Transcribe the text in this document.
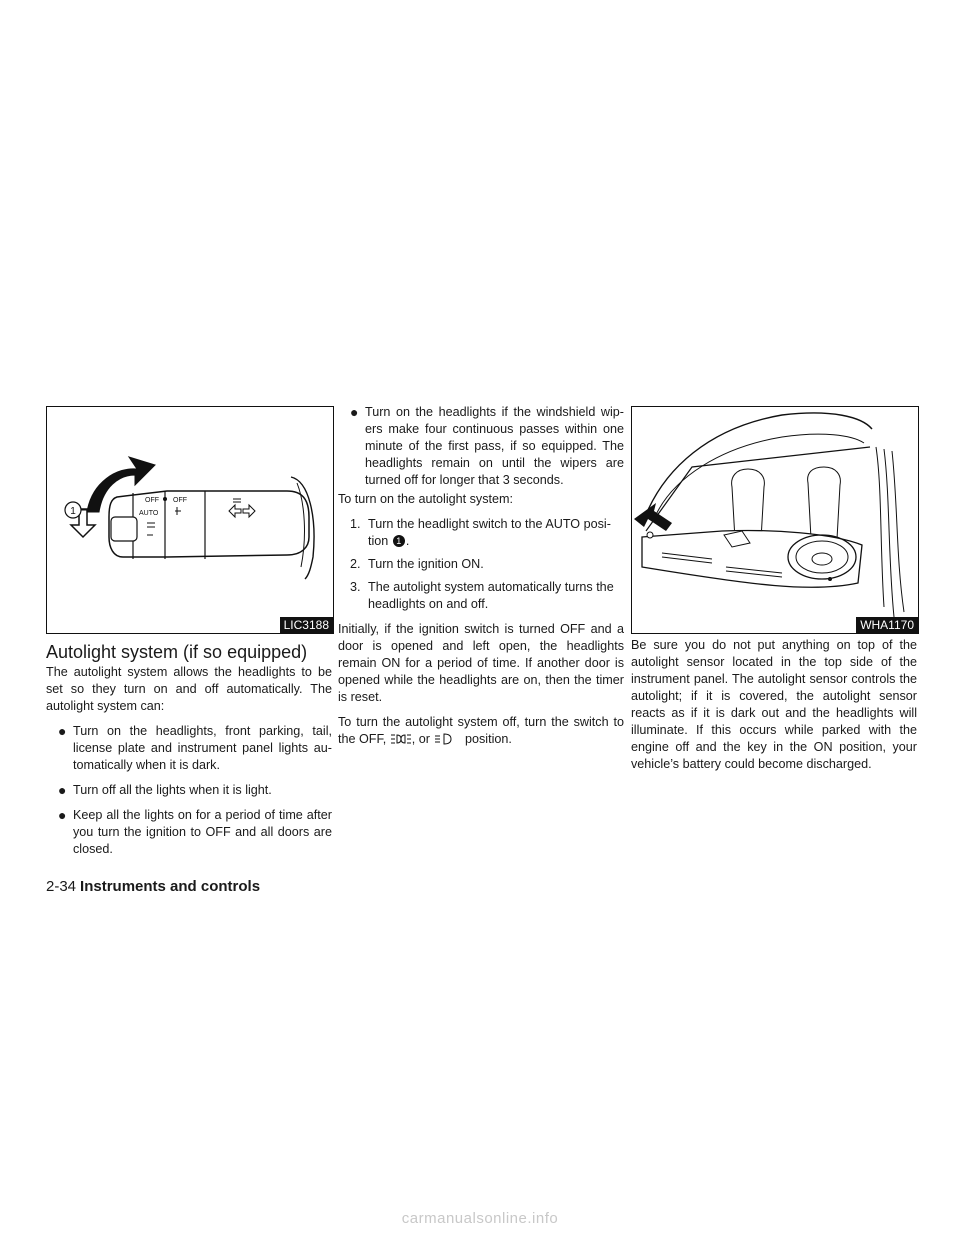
1
OFF OFF
AUTO
LIC3188	WHA1170
Autolight system (if so equipped)

The autolight system allows the headlights to be set so they turn on and off automatically. The autolight system can:

● Turn on the headlights, front parking, tail, license plate and instrument panel lights au-tomatically when it is dark.
● Turn off all the lights when it is light.
● Keep all the lights on for a period of time after you turn the ignition to OFF and all doors are closed.
● Turn on the headlights if the windshield wip-ers make four continuous passes within one minute of the first pass, if so equipped. The headlights remain on until the wipers are turned off for longer that 3 seconds.

To turn on the autolight system:

1. Turn the headlight switch to the AUTO posi-tion 1 .
2. Turn the ignition ON.
3. The autolight system automatically turns the headlights on and off.

Initially, if the ignition switch is turned OFF and a door is opened and left open, the headlights remain ON for a period of time. If another door is opened while the headlights are on, then the timer is reset.

To turn the autolight system off, turn the switch to the OFF, , or	position.

Be sure you do not put anything on top of the autolight sensor located in the top side of the instrument panel. The autolight sensor controls the autolight; if it is covered, the autolight sensor reacts as if it is dark out and the headlights will illuminate. If this occurs while parked with the engine off and the key in the ON position, your vehicle’s battery could become discharged.

2-34 Instruments and controls
carmanualsonline.info
